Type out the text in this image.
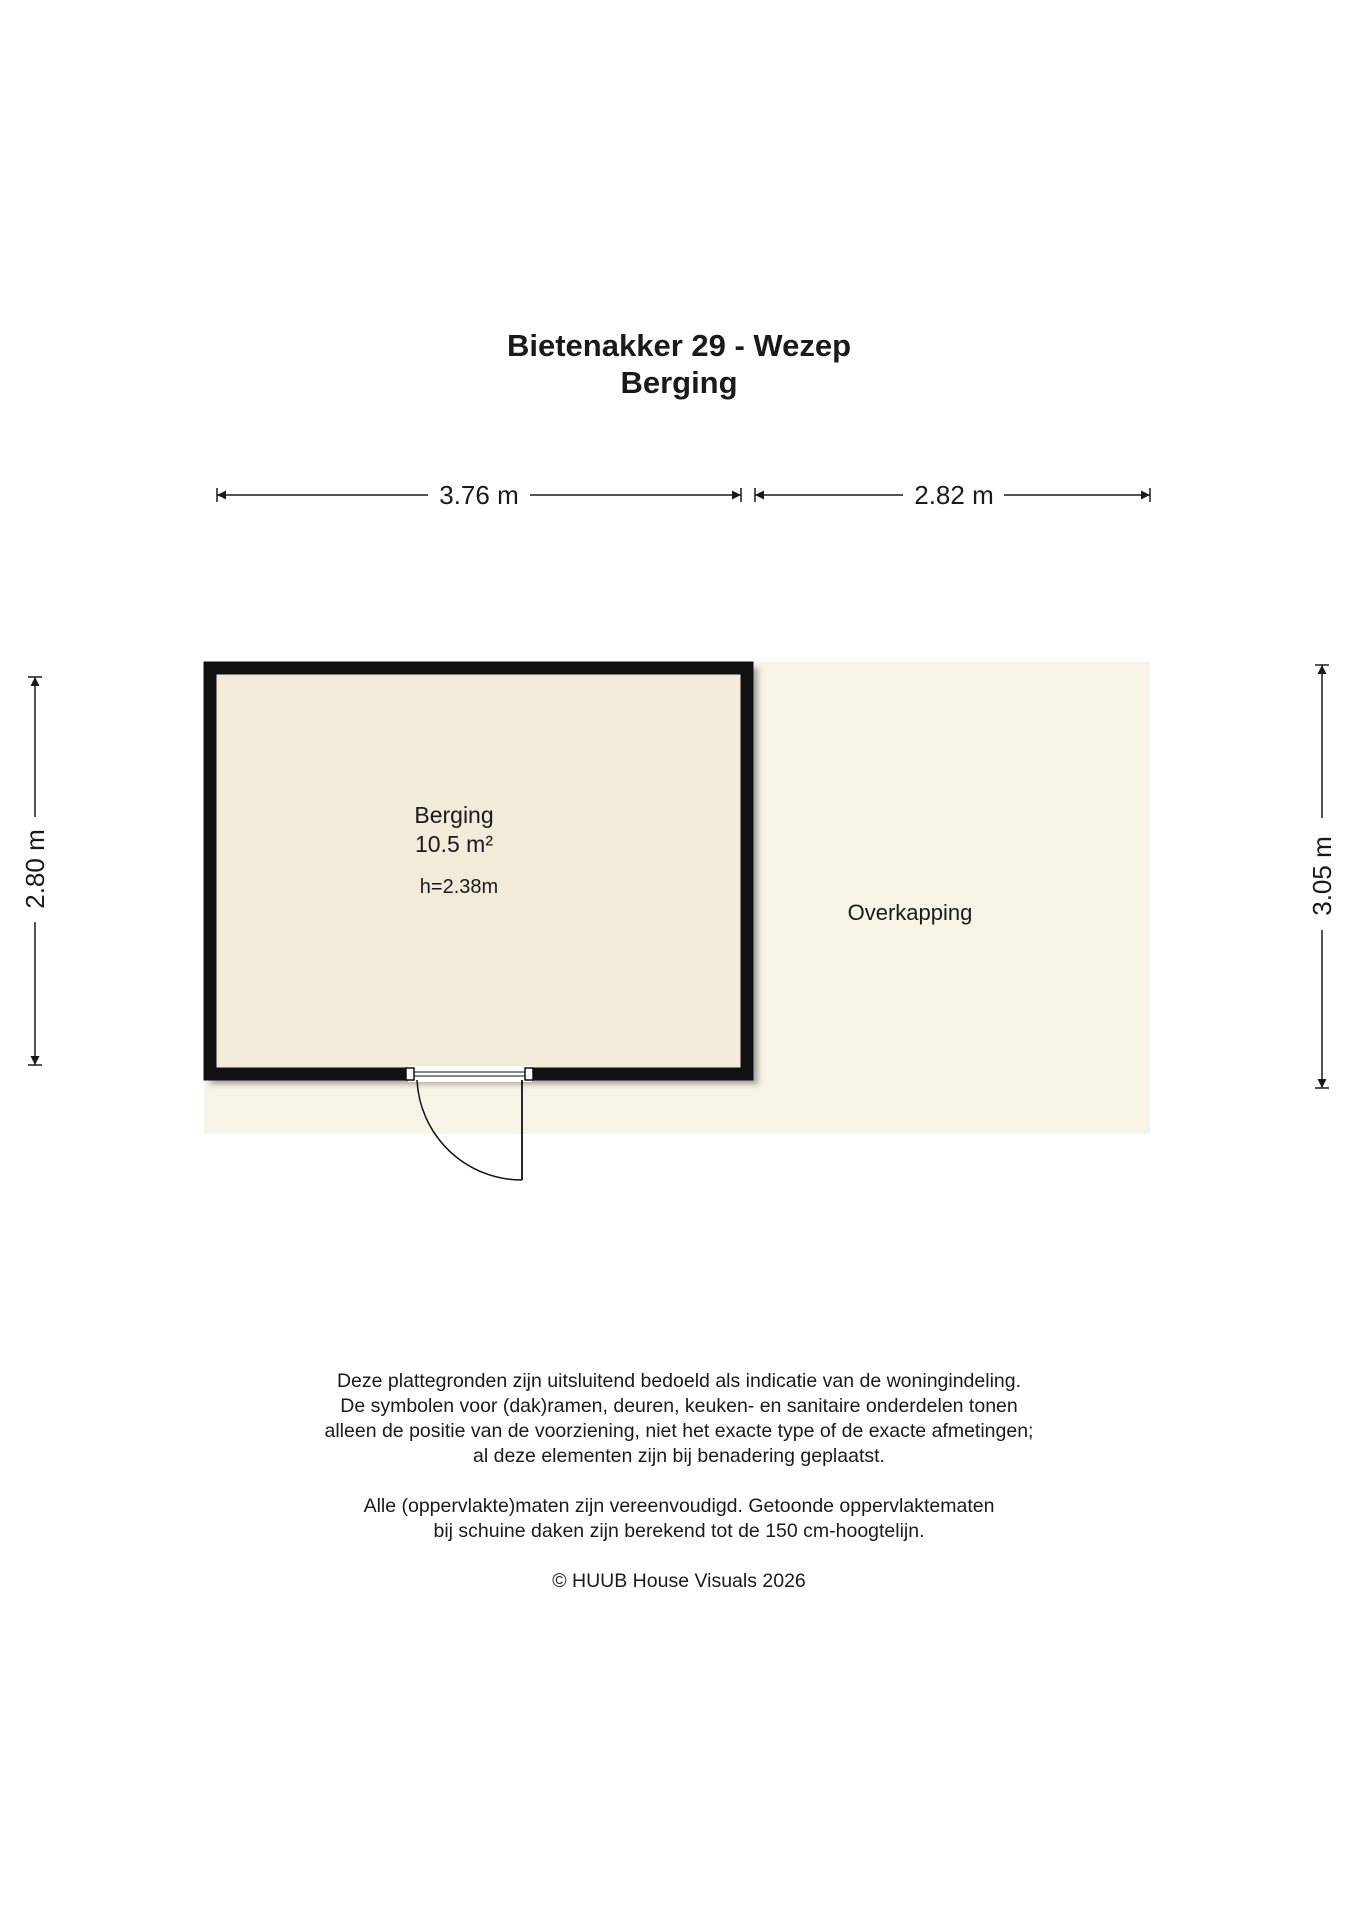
Bietenakker 29 - Wezep
Berging
3.76 m	2.82 m
2.80 m	3.05 m
Berging
10.5 m²
h=2.38m
Overkapping

Deze plattegronden zijn uitsluitend bedoeld als indicatie van de woningindeling.

De symbolen voor (dak)ramen, deuren, keuken- en sanitaire onderdelen tonen

alleen de positie van de voorziening, niet het exacte type of de exacte afmetingen;

al deze elementen zijn bij benadering geplaatst.

Alle (oppervlakte)maten zijn vereenvoudigd. Getoonde oppervlaktematen

bij schuine daken zijn berekend tot de 150 cm-hoogtelijn.

© HUUB House Visuals 2026
